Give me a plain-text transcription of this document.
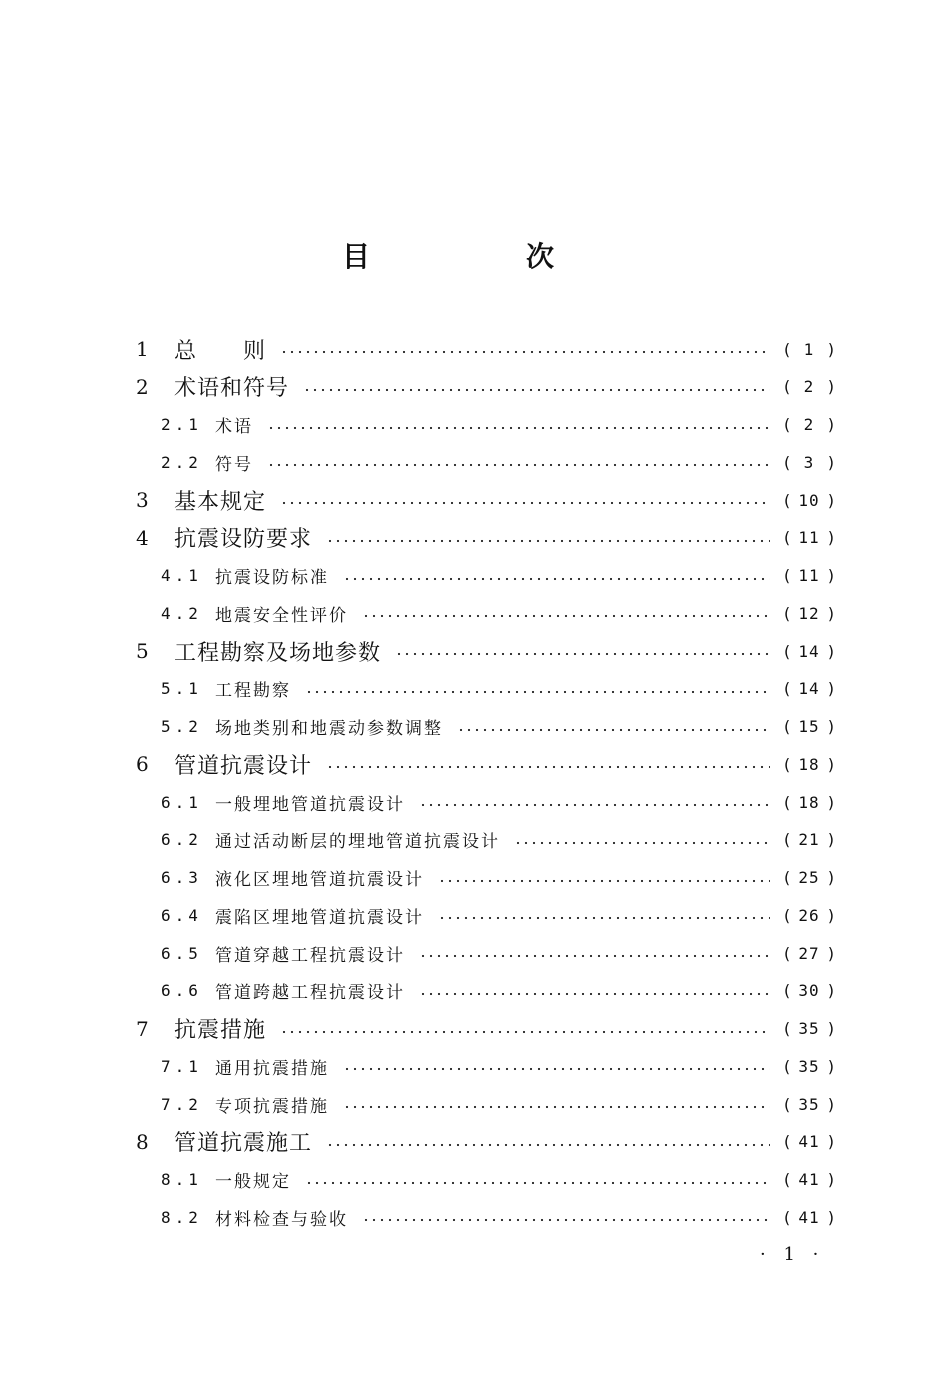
目　次
1 总　　则	( 1 )
2 术语和符号	( 2 )
2.1 术语	( 2 )
2.2 符号	( 3 )
3 基本规定	( 10 )
4 抗震设防要求	( 11 )
4.1 抗震设防标准	( 11 )
4.2 地震安全性评价	( 12 )
5 工程勘察及场地参数	( 14 )
5.1 工程勘察	( 14 )
5.2 场地类别和地震动参数调整	( 15 )
6 管道抗震设计	( 18 )
6.1 一般埋地管道抗震设计	( 18 )
6.2 通过活动断层的埋地管道抗震设计	( 21 )
6.3 液化区埋地管道抗震设计	( 25 )
6.4 震陷区埋地管道抗震设计	( 26 )
6.5 管道穿越工程抗震设计	( 27 )
6.6 管道跨越工程抗震设计	( 30 )
7 抗震措施	( 35 )
7.1 通用抗震措施	( 35 )
7.2 专项抗震措施	( 35 )
8 管道抗震施工	( 41 )
8.1 一般规定	( 41 )
8.2 材料检查与验收	( 41 )
· 1 ·
